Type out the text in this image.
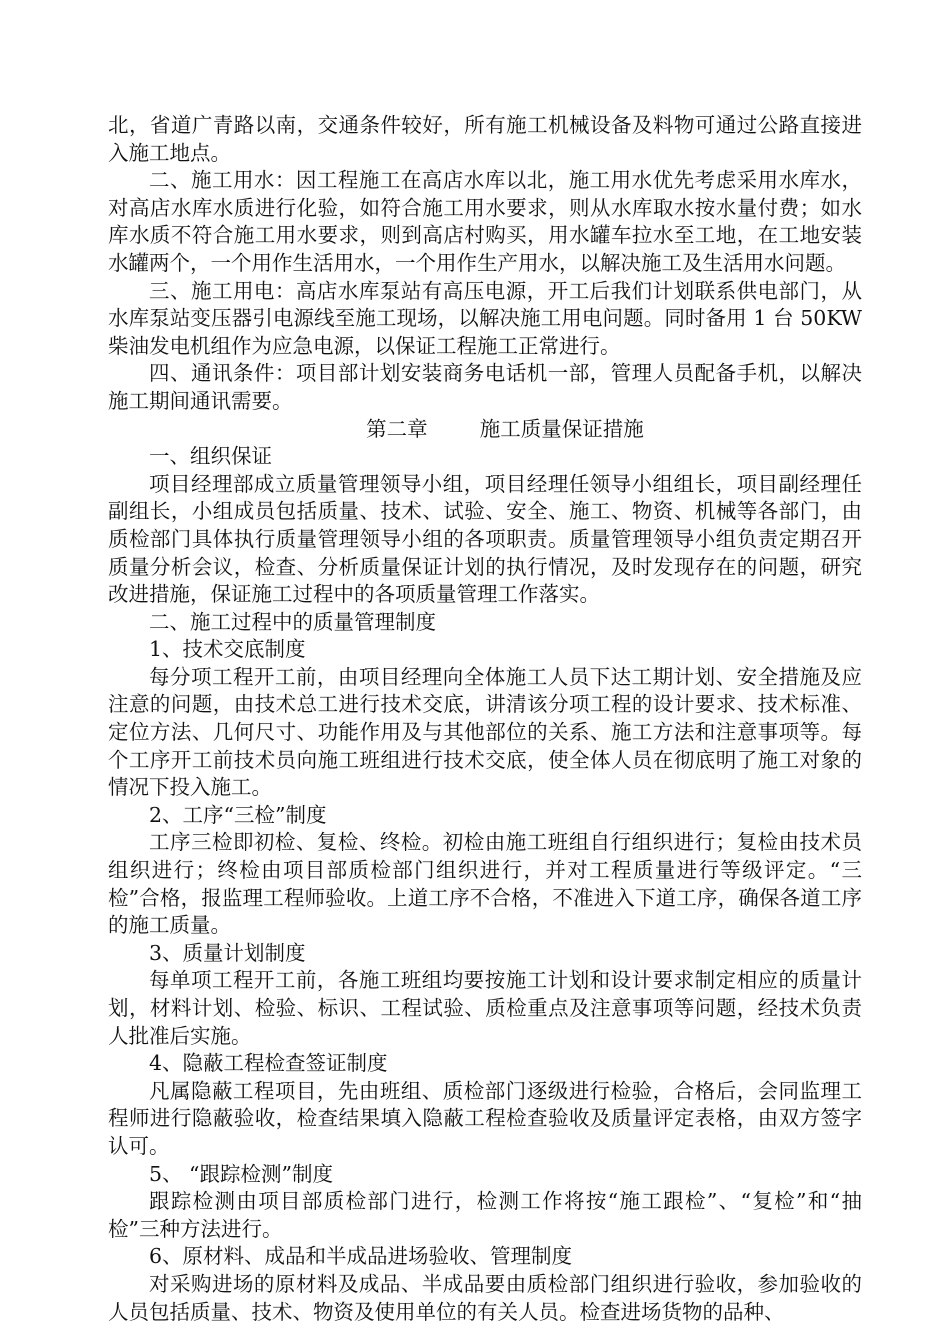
北，省道广青路以南，交通条件较好，所有施工机械设备及料物可通过公路直接进入施工地点。

二、施工用水：因工程施工在高店水库以北，施工用水优先考虑采用水库水，对高店水库水质进行化验，如符合施工用水要求，则从水库取水按水量付费；如水库水质不符合施工用水要求，则到高店村购买，用水罐车拉水至工地，在工地安装水罐两个，一个用作生活用水，一个用作生产用水，以解决施工及生活用水问题。

三、施工用电：高店水库泵站有高压电源，开工后我们计划联系供电部门，从水库泵站变压器引电源线至施工现场，以解决施工用电问题。同时备用 1 台 50KW 柴油发电机组作为应急电源，以保证工程施工正常进行。

四、通讯条件：项目部计划安装商务电话机一部，管理人员配备手机，以解决施工期间通讯需要。

第二章        施工质量保证措施

一、组织保证

项目经理部成立质量管理领导小组，项目经理任领导小组组长，项目副经理任副组长，小组成员包括质量、技术、试验、安全、施工、物资、机械等各部门，由质检部门具体执行质量管理领导小组的各项职责。质量管理领导小组负责定期召开质量分析会议，检查、分析质量保证计划的执行情况，及时发现存在的问题，研究改进措施，保证施工过程中的各项质量管理工作落实。

二、施工过程中的质量管理制度

1、技术交底制度

每分项工程开工前，由项目经理向全体施工人员下达工期计划、安全措施及应注意的问题，由技术总工进行技术交底，讲清该分项工程的设计要求、技术标准、定位方法、几何尺寸、功能作用及与其他部位的关系、施工方法和注意事项等。每个工序开工前技术员向施工班组进行技术交底，使全体人员在彻底明了施工对象的情况下投入施工。

2、工序“三检”制度

工序三检即初检、复检、终检。初检由施工班组自行组织进行；复检由技术员组织进行；终检由项目部质检部门组织进行，并对工程质量进行等级评定。“三检”合格，报监理工程师验收。上道工序不合格，不准进入下道工序，确保各道工序的施工质量。

3、质量计划制度

每单项工程开工前，各施工班组均要按施工计划和设计要求制定相应的质量计划，材料计划、检验、标识、工程试验、质检重点及注意事项等问题，经技术负责人批准后实施。

4、隐蔽工程检查签证制度

凡属隐蔽工程项目，先由班组、质检部门逐级进行检验，合格后，会同监理工程师进行隐蔽验收，检查结果填入隐蔽工程检查验收及质量评定表格，由双方签字认可。

5、 “跟踪检测”制度

跟踪检测由项目部质检部门进行，检测工作将按“施工跟检”、“复检”和“抽检”三种方法进行。

6、原材料、成品和半成品进场验收、管理制度

对采购进场的原材料及成品、半成品要由质检部门组织进行验收，参加验收的人员包括质量、技术、物资及使用单位的有关人员。检查进场货物的品种、
